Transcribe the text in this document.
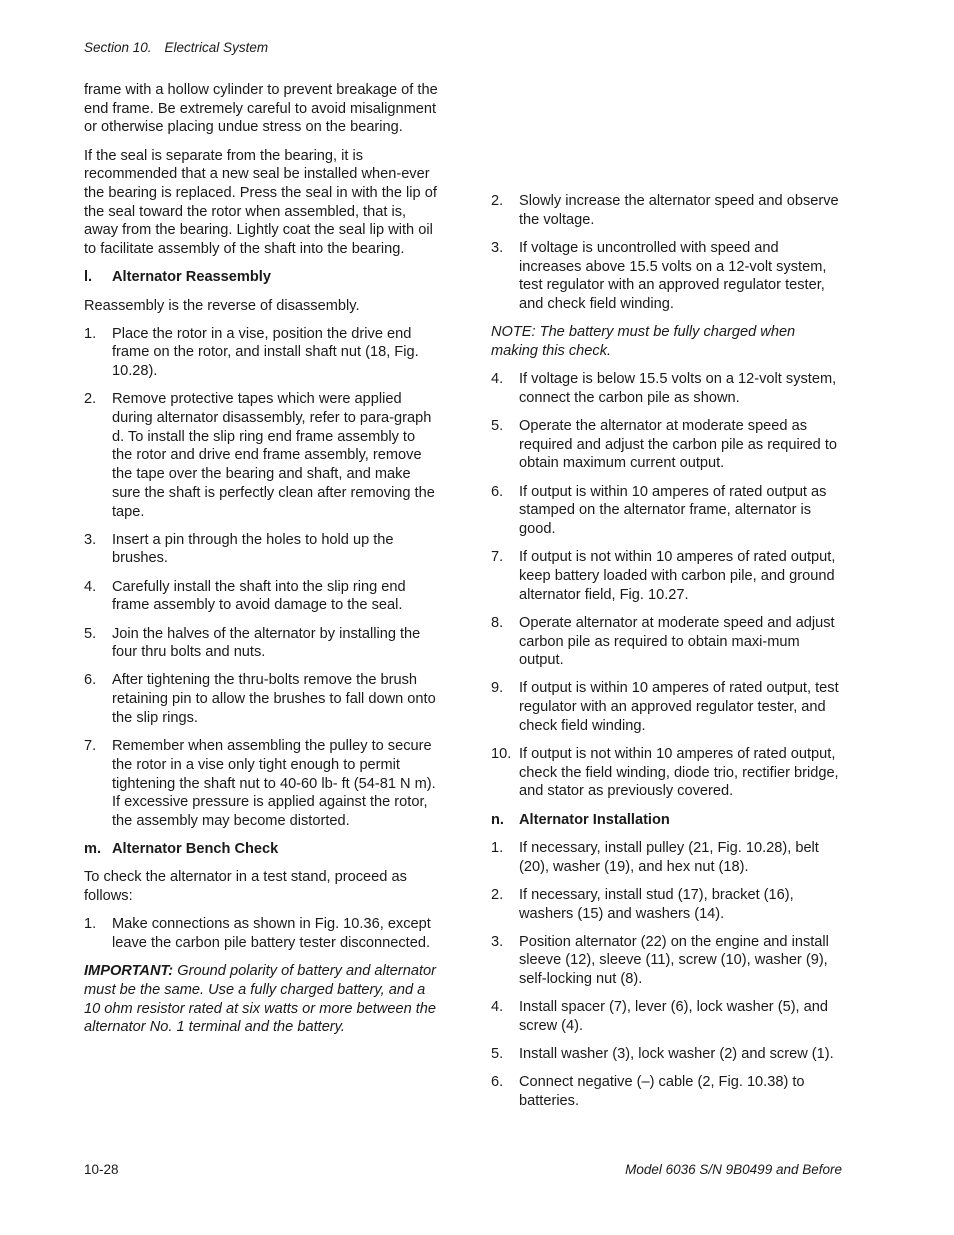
Section 10. Electrical System

frame with a hollow cylinder to prevent breakage of the end frame. Be extremely careful to avoid misalignment or otherwise placing undue stress on the bearing.

If the seal is separate from the bearing, it is recommended that a new seal be installed when-ever the bearing is replaced. Press the seal in with the lip of the seal toward the rotor when assembled, that is, away from the bearing. Lightly coat the seal lip with oil to facilitate assembly of the shaft into the bearing.

l. Alternator Reassembly

Reassembly is the reverse of disassembly.

1.	Place the rotor in a vise, position the drive end frame on the rotor, and install shaft nut (18, Fig. 10.28).
2.	Remove protective tapes which were applied during alternator disassembly, refer to para-graph d. To install the slip ring end frame assembly to the rotor and drive end frame assembly, remove the tape over the bearing and shaft, and make sure the shaft is perfectly clean after removing the tape.
3.	Insert a pin through the holes to hold up the brushes.
4.	Carefully install the shaft into the slip ring end frame assembly to avoid damage to the seal.
5.	Join the halves of the alternator by installing the four thru bolts and nuts.
6.	After tightening the thru-bolts remove the brush retaining pin to allow the brushes to fall down onto the slip rings.
7.	Remember when assembling the pulley to secure the rotor in a vise only tight enough to permit tightening the shaft nut to 40-60 lb- ft (54-81 N m). If excessive pressure is applied against the rotor, the assembly may become distorted.
m. Alternator Bench Check

To check the alternator in a test stand, proceed as follows:

1.	Make connections as shown in Fig. 10.36, except leave the carbon pile battery tester disconnected.

IMPORTANT: Ground polarity of battery and alternator must be the same. Use a fully charged battery, and a 10 ohm resistor rated at six watts or more between the alternator No. 1 terminal and the battery.

2.	Slowly increase the alternator speed and observe the voltage.
3.	If voltage is uncontrolled with speed and increases above 15.5 volts on a 12-volt system, test regulator with an approved regulator tester, and check field winding.

NOTE: The battery must be fully charged when making this check.

4.	If voltage is below 15.5 volts on a 12-volt system, connect the carbon pile as shown.
5.	Operate the alternator at moderate speed as required and adjust the carbon pile as required to obtain maximum current output.
6.	If output is within 10 amperes of rated output as stamped on the alternator frame, alternator is good.
7.	If output is not within 10 amperes of rated output, keep battery loaded with carbon pile, and ground alternator field, Fig. 10.27.
8.	Operate alternator at moderate speed and adjust carbon pile as required to obtain maxi-mum output.
9.	If output is within 10 amperes of rated output, test regulator with an approved regulator tester, and check field winding.
10. If output is not within 10 amperes of rated output, check the field winding, diode trio, rectifier bridge, and stator as previously covered.
n. Alternator Installation
1.	If necessary, install pulley (21, Fig. 10.28), belt (20), washer (19), and hex nut (18).
2.	If necessary, install stud (17), bracket (16), washers (15) and washers (14).
3.	Position alternator (22) on the engine and install sleeve (12), sleeve (11), screw (10), washer (9), self-locking nut (8).
4.	Install spacer (7), lever (6), lock washer (5), and screw (4).
5.	Install washer (3), lock washer (2) and screw (1).
6.	Connect negative (–) cable (2, Fig. 10.38) to batteries.
10-28	Model 6036 S/N 9B0499 and Before
